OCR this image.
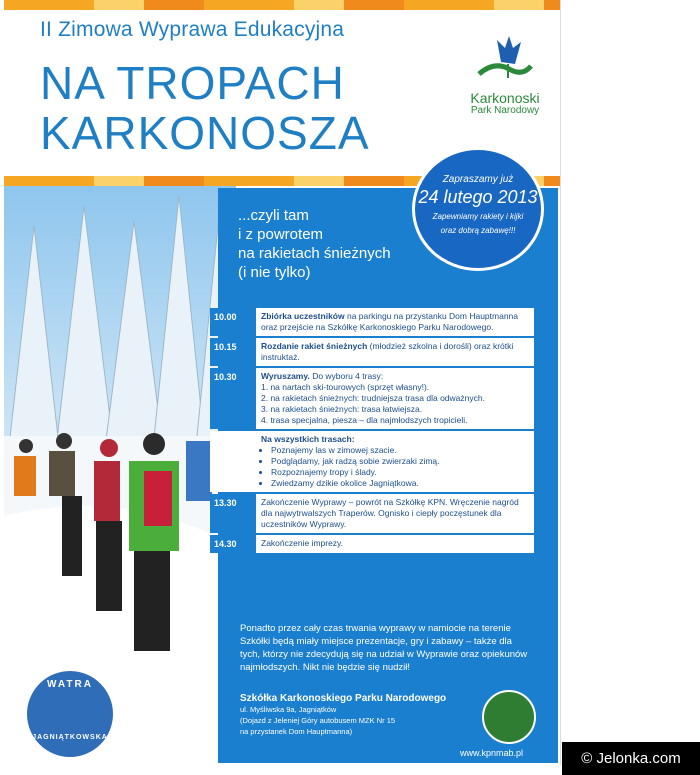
II Zimowa Wyprawa Edukacyjna
NA TROPACH
KARKONOSZA
Karkonoski
Park Narodowy
...czyli tam
i z powrotem
na rakietach śnieżnych
(i nie tylko)
Zapraszamy już
24 lutego 2013
Zapewniamy rakiety i kijki
oraz dobrą zabawę!!!
10.00	Zbiórka uczestników na parkingu na przystanku Dom Hauptmanna oraz przejście na Szkółkę Karkonoskiego Parku Narodowego.
10.15	Rozdanie rakiet śnieżnych (młodzież szkolna i dorośli) oraz krótki instruktaż.
10.30	Wyruszamy. Do wyboru 4 trasy:
1. na nartach ski-tourowych (sprzęt własny!).
2. na rakietach śnieżnych: trudniejsza trasa dla odważnych.
3. na rakietach śnieżnych: trasa łatwiejsza.
4. trasa specjalna, piesza – dla najmłodszych tropicieli.
Na wszystkich trasach:
• Poznajemy las w zimowej szacie.
• Podglądamy, jak radzą sobie zwierzaki zimą.
• Rozpoznajemy tropy i ślady.
• Zwiedzamy dzikie okolice Jagniątkowa.
13.30	Zakończenie Wyprawy – powrót na Szkółkę KPN. Wręczenie nagród dla najwytrwalszych Traperów. Ognisko i ciepły poczęstunek dla uczestników Wyprawy.
14.30	Zakończenie imprezy.
Ponadto przez cały czas trwania wyprawy w namiocie na terenie Szkółki będą miały miejsce prezentacje, gry i zabawy – także dla tych, którzy nie zdecydują się na udział w Wyprawie oraz opiekunów najmłodszych. Nikt nie będzie się nudził!
Szkółka Karkonoskiego Parku Narodowego
ul. Myśliwska 9a, Jagniątków
(Dojazd z Jeleniej Góry autobusem MZK Nr 15
na przystanek Dom Hauptmanna)
www.kpnmab.pl
WATRA
JAGNIĄTKOWSKA
© Jelonka.com
